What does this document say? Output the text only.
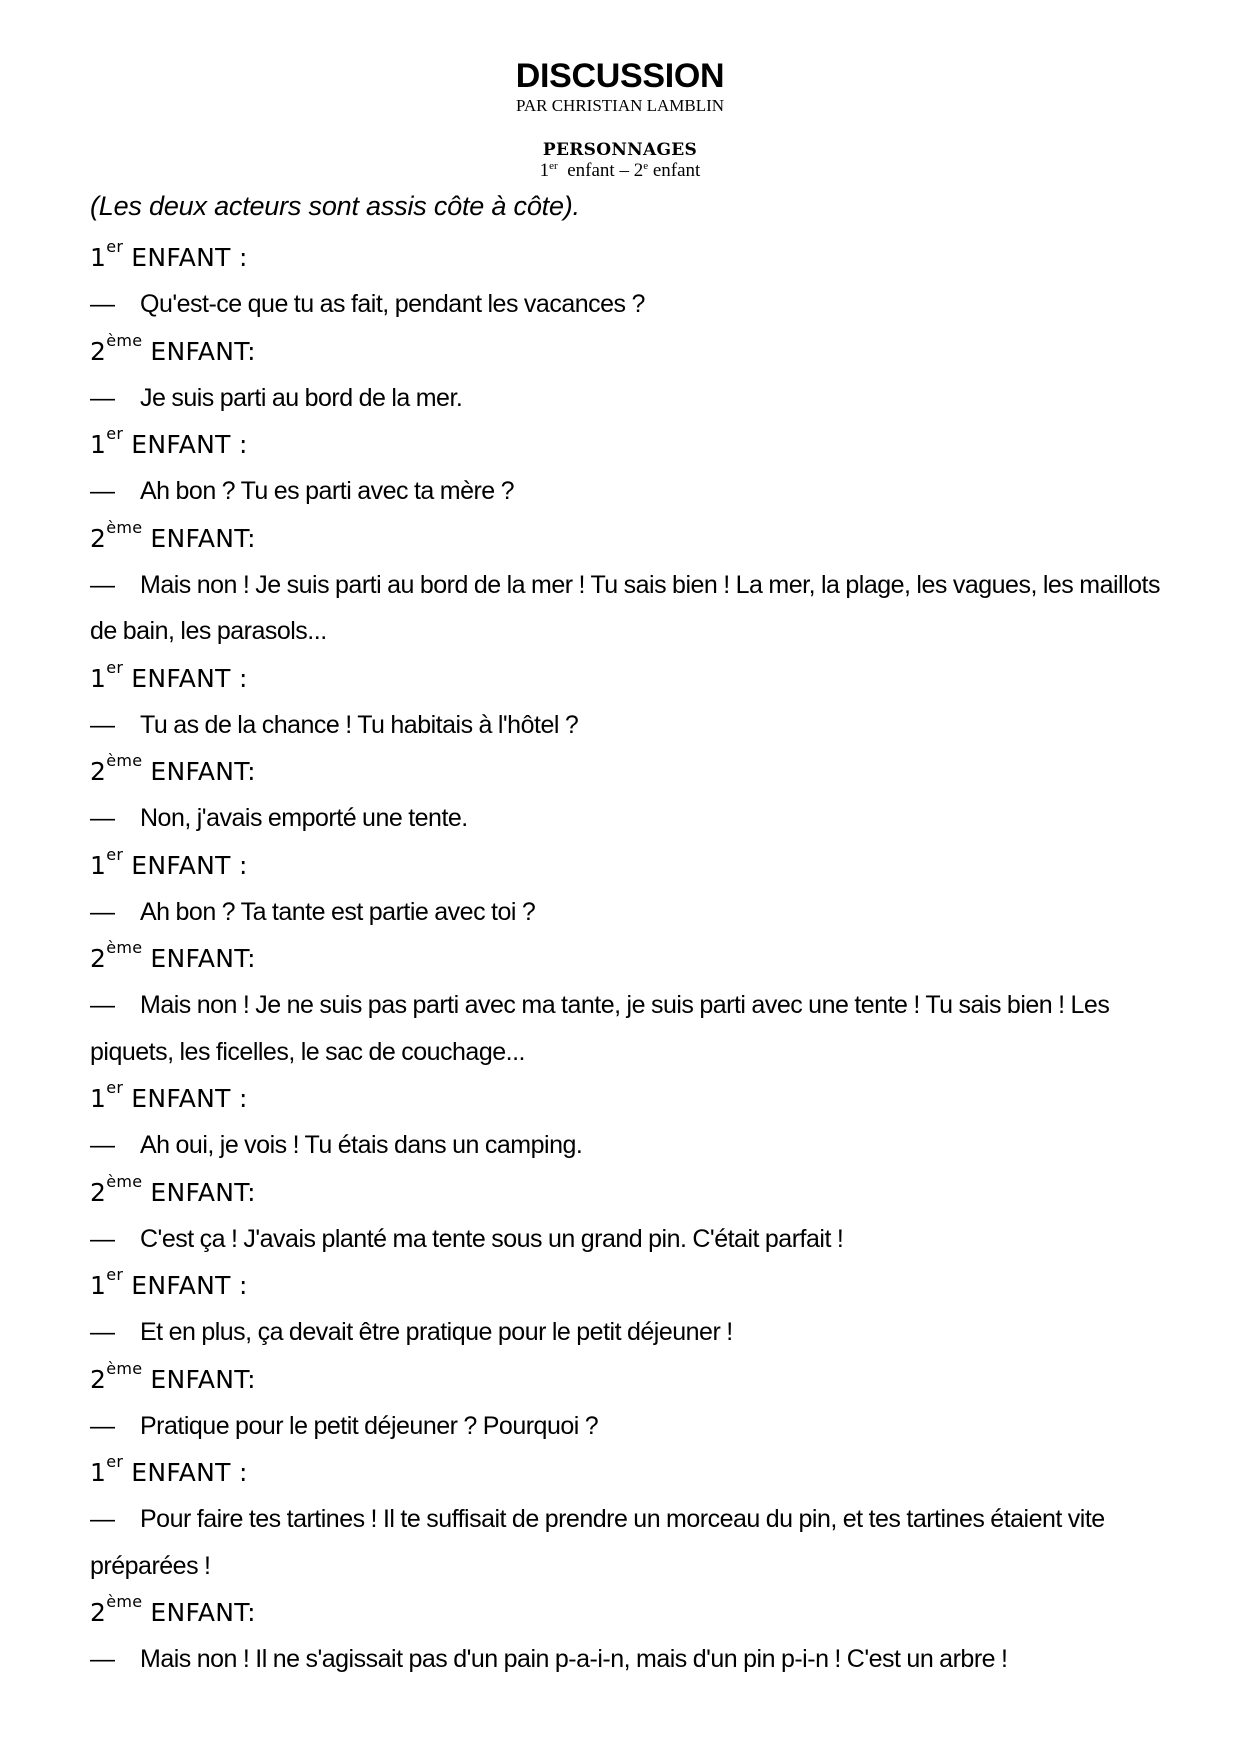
DISCUSSION
PAR CHRISTIAN LAMBLIN
PERSONNAGES
1er enfant – 2e enfant

(Les deux acteurs sont assis côte à côte).

1er ENFANT :

— Qu'est-ce que tu as fait, pendant les vacances ?

2ème ENFANT:

— Je suis parti au bord de la mer.

1er ENFANT :

— Ah bon ? Tu es parti avec ta mère ?

2ème ENFANT:

— Mais non ! Je suis parti au bord de la mer ! Tu sais bien ! La mer, la plage, les vagues, les maillots de bain, les parasols...

1er ENFANT :

— Tu as de la chance ! Tu habitais à l'hôtel ?

2ème ENFANT:

— Non, j'avais emporté une tente.

1er ENFANT :

— Ah bon ? Ta tante est partie avec toi ?

2ème ENFANT:

— Mais non ! Je ne suis pas parti avec ma tante, je suis parti avec une tente ! Tu sais bien ! Les piquets, les ficelles, le sac de couchage...

1er ENFANT :

— Ah oui, je vois ! Tu étais dans un camping.

2ème ENFANT:

— C'est ça ! J'avais planté ma tente sous un grand pin. C'était parfait !

1er ENFANT :

— Et en plus, ça devait être pratique pour le petit déjeuner !

2ème ENFANT:

— Pratique pour le petit déjeuner ? Pourquoi ?

1er ENFANT :

— Pour faire tes tartines ! Il te suffisait de prendre un morceau du pin, et tes tartines étaient vite préparées !

2ème ENFANT:

— Mais non ! Il ne s'agissait pas d'un pain p-a-i-n, mais d'un pin p-i-n ! C'est un arbre !
